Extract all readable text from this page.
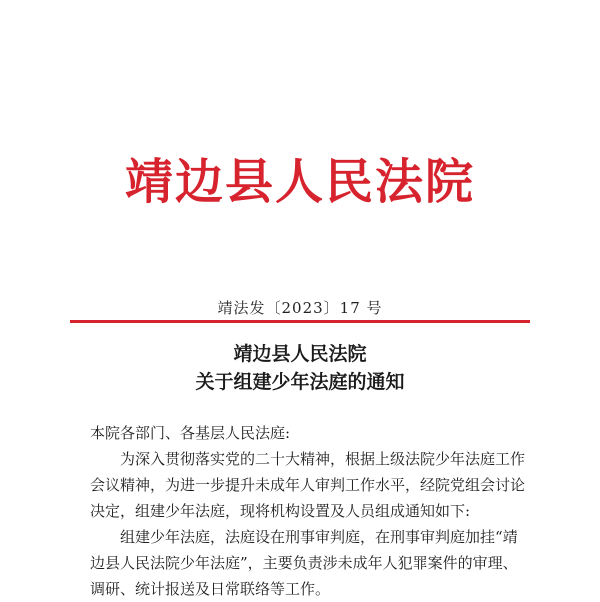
靖边县人民法院
靖法发〔2023〕17 号
靖边县人民法院
关于组建少年法庭的通知

本院各部门、各基层人民法庭:

为深入贯彻落实党的二十大精神，根据上级法院少年法庭工作会议精神，为进一步提升未成年人审判工作水平，经院党组会讨论决定，组建少年法庭，现将机构设置及人员组成通知如下:

组建少年法庭，法庭设在刑事审判庭，在刑事审判庭加挂“靖边县人民法院少年法庭”，主要负责涉未成年人犯罪案件的审理、调研、统计报送及日常联络等工作。
